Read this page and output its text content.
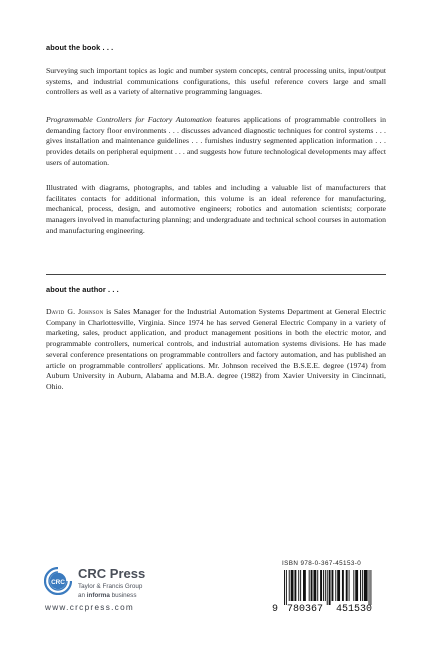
about the book . . .
Surveying such important topics as logic and number system concepts, central processing units, input/output systems, and industrial communications configurations, this useful reference covers large and small controllers as well as a variety of alternative programming languages.
Programmable Controllers for Factory Automation features applications of programmable controllers in demanding factory floor environments . . . discusses advanced diagnostic techniques for control systems . . . gives installation and maintenance guidelines . . . furnishes industry segmented application information . . . provides details on peripheral equipment . . . and suggests how future technological developments may affect users of automation.
Illustrated with diagrams, photographs, and tables and including a valuable list of manufacturers that facilitates contacts for additional information, this volume is an ideal reference for manufacturing, mechanical, process, design, and automotive engineers; robotics and automation scientists; corporate managers involved in manufacturing planning; and undergraduate and technical school courses in automation and manufacturing engineering.
about the author . . .
David G. Johnson is Sales Manager for the Industrial Automation Systems Department at General Electric Company in Charlottesville, Virginia. Since 1974 he has served General Electric Company in a variety of marketing, sales, product application, and product management positions in both the electric motor, and programmable controllers, numerical controls, and industrial automation systems divisions. He has made several conference presentations on programmable controllers and factory automation, and has published an article on programmable controllers' applications. Mr. Johnson received the B.S.E.E. degree (1974) from Auburn University in Auburn, Alabama and M.B.A. degree (1982) from Xavier University in Cincinnati, Ohio.
CRC
CRC Press
Taylor & Francis Group
an informa business
www.crcpress.com
ISBN 978-0-367-45153-0
9 780367 451530
